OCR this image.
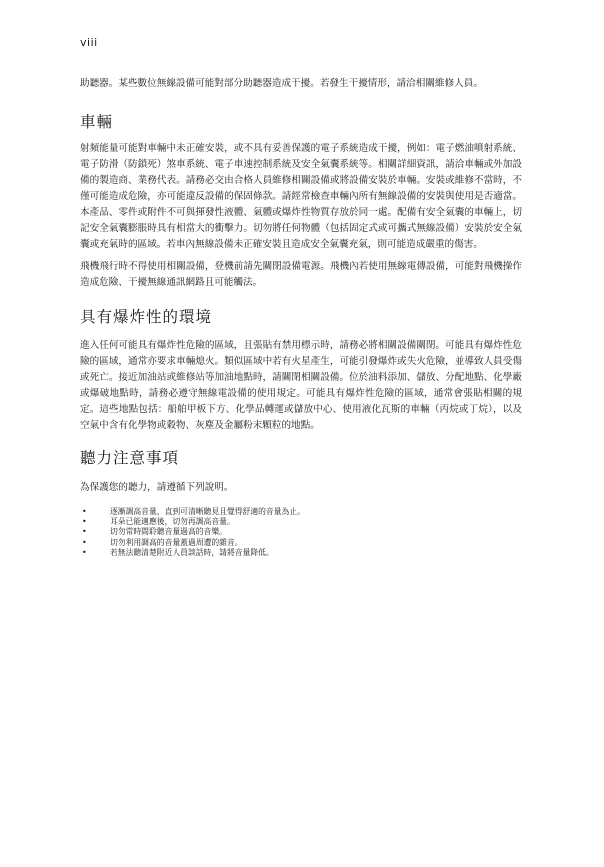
viii

助聽器。某些數位無線設備可能對部分助聽器造成干擾。若發生干擾情形，請洽相關維修人員。

車輛

射頻能量可能對車輛中未正確安裝，或不具有妥善保護的電子系統造成干擾，例如：電子燃油噴射系統、電子防滑（防鎖死）煞車系統、電子車速控制系統及安全氣囊系統等。相關詳細資訊，請洽車輛或外加設備的製造商、業務代表。請務必交由合格人員維修相關設備或將設備安裝於車輛。安裝或維修不當時，不僅可能造成危險，亦可能違反設備的保固條款。請經常檢查車輛內所有無線設備的安裝與使用是否適當。本產品、零件或附件不可與揮發性液體、氣體或爆炸性物質存放於同一處。配備有安全氣囊的車輛上，切記安全氣囊膨脹時具有相當大的衝擊力。切勿將任何物體（包括固定式或可攜式無線設備）安裝於安全氣囊或充氣時的區域。若車內無線設備未正確安裝且造成安全氣囊充氣，則可能造成嚴重的傷害。

飛機飛行時不得使用相關設備，登機前請先關閉設備電源。飛機內若使用無線電傳設備，可能對飛機操作造成危險、干擾無線通訊網路且可能觸法。

具有爆炸性的環境

進入任何可能具有爆炸性危險的區域，且張貼有禁用標示時，請務必將相關設備關閉。可能具有爆炸性危險的區域，通常亦要求車輛熄火。類似區域中若有火星產生，可能引發爆炸或失火危險，並導致人員受傷或死亡。接近加油站或維修站等加油地點時，請關閉相關設備。位於油料添加、儲放、分配地點、化學廠或爆破地點時，請務必遵守無線電設備的使用規定。可能具有爆炸性危險的區域，通常會張貼相關的規定。這些地點包括：船舶甲板下方、化學品轉運或儲放中心、使用液化瓦斯的車輛（丙烷或丁烷），以及空氣中含有化學物或穀物、灰塵及金屬粉末顆粒的地點。

聽力注意事項

為保護您的聽力，請遵循下列說明。

•	逐漸調高音量，直到可清晰聽見且覺得舒適的音量為止。
•	耳朵已能適應後，切勿再調高音量。
•	切勿常時間聆聽音量過高的音樂。
•	切勿利用調高的音量蓋過周遭的雜音。
•	若無法聽清楚附近人員談話時，請將音量降低。
